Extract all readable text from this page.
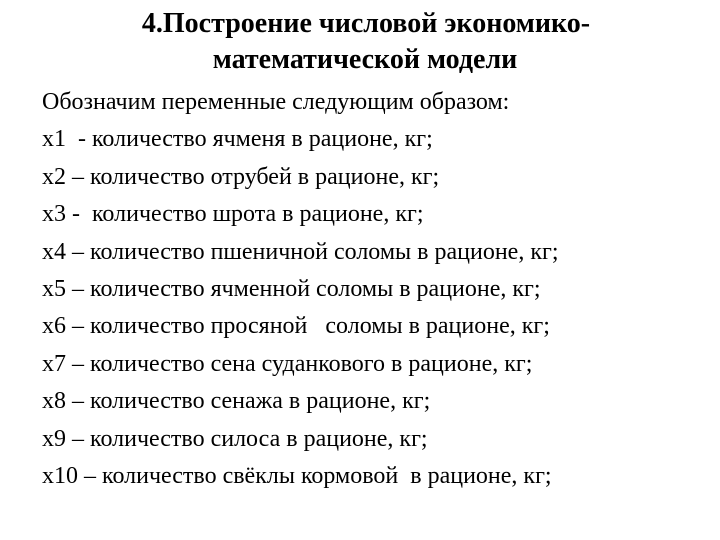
4.Построение числовой экономико-
математической модели

Обозначим переменные следующим образом:

x1  - количество ячменя в рационе, кг;

x2 – количество отрубей в рационе, кг;

x3 -  количество шрота в рационе, кг;

x4 – количество пшеничной соломы в рационе, кг;

x5 – количество ячменной соломы в рационе, кг;

x6 – количество просяной   соломы в рационе, кг;

x7 – количество сена суданкового в рационе, кг;

x8 – количество сенажа в рационе, кг;

x9 – количество силоса в рационе, кг;

x10 – количество свёклы кормовой  в рационе, кг;
